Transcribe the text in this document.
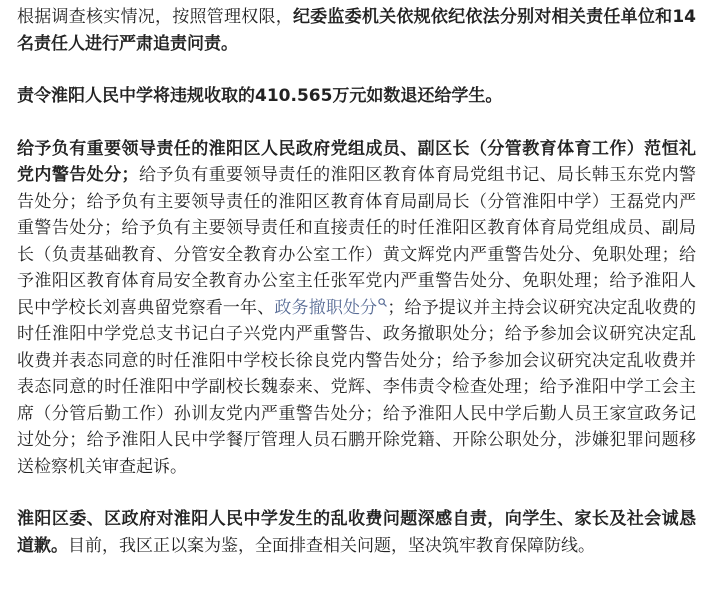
根据调查核实情况，按照管理权限，纪委监委机关依规依纪依法分别对相关责任单位和14名责任人进行严肃追责问责。

责令淮阳人民中学将违规收取的410.565万元如数退还给学生。

给予负有重要领导责任的淮阳区人民政府党组成员、副区长（分管教育体育工作）范恒礼党内警告处分；给予负有重要领导责任的淮阳区教育体育局党组书记、局长韩玉东党内警告处分；给予负有主要领导责任的淮阳区教育体育局副局长（分管淮阳中学）王磊党内严重警告处分；给予负有主要领导责任和直接责任的时任淮阳区教育体育局党组成员、副局长（负责基础教育、分管安全教育办公室工作）黄文辉党内严重警告处分、免职处理；给予淮阳区教育体育局安全教育办公室主任张军党内严重警告处分、免职处理；给予淮阳人民中学校长刘喜典留党察看一年、政务撤职处分 ；给予提议并主持会议研究决定乱收费的时任淮阳中学党总支书记白子兴党内严重警告、政务撤职处分；给予参加会议研究决定乱收费并表态同意的时任淮阳中学校长徐良党内警告处分；给予参加会议研究决定乱收费并表态同意的时任淮阳中学副校长魏泰来、党辉、李伟责令检查处理；给予淮阳中学工会主席（分管后勤工作）孙训友党内严重警告处分；给予淮阳人民中学后勤人员王家宣政务记过处分；给予淮阳人民中学餐厅管理人员石鹏开除党籍、开除公职处分，涉嫌犯罪问题移送检察机关审查起诉。

淮阳区委、区政府对淮阳人民中学发生的乱收费问题深感自责，向学生、家长及社会诚恳道歉。目前，我区正以案为鉴，全面排查相关问题，坚决筑牢教育保障防线。
